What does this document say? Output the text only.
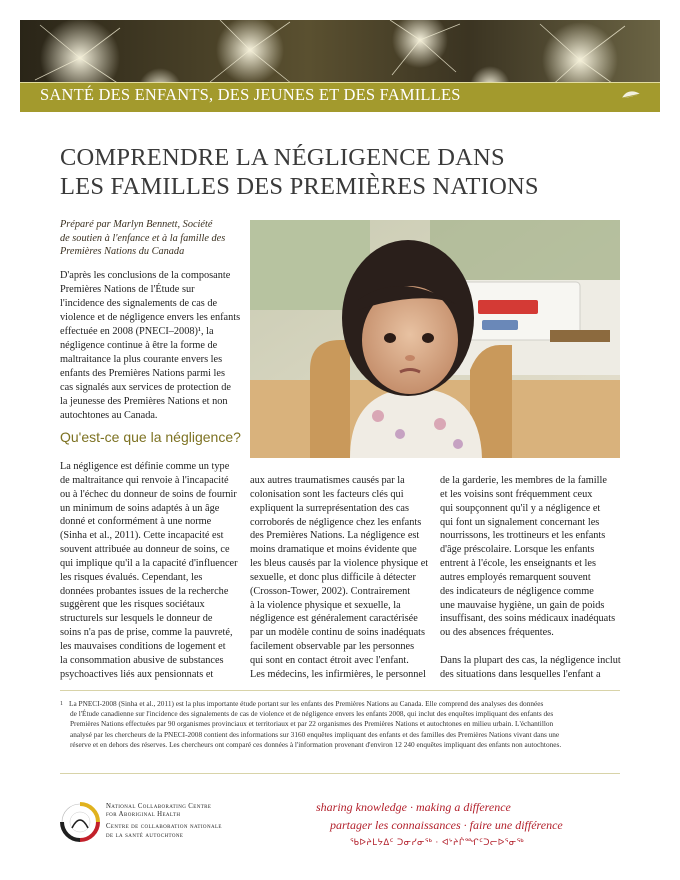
SANTÉ DES ENFANTS, DES JEUNES ET DES FAMILLES
COMPRENDRE LA NÉGLIGENCE DANS
LES FAMILLES DES PREMIÈRES NATIONS
Préparé par Marlyn Bennett, Société
de soutien à l'enfance et à la famille des
Premières Nations du Canada
D'après les conclusions de la composante
Premières Nations de l'Étude sur
l'incidence des signalements de cas de
violence et de négligence envers les enfants
effectuée en 2008 (PNECI–2008)¹, la
négligence continue à être la forme de
maltraitance la plus courante envers les
enfants des Premières Nations parmi les
cas signalés aux services de protection de
la jeunesse des Premières Nations et non
autochtones au Canada.
Qu'est-ce que la négligence?
La négligence est définie comme un type
de maltraitance qui renvoie à l'incapacité
ou à l'échec du donneur de soins de fournir
un minimum de soins adaptés à un âge
donné et conformément à une norme
(Sinha et al., 2011). Cette incapacité est
souvent attribuée au donneur de soins, ce
qui implique qu'il a la capacité d'influencer
les risques évalués. Cependant, les
données probantes issues de la recherche
suggèrent que les risques sociétaux
structurels sur lesquels le donneur de
soins n'a pas de prise, comme la pauvreté,
les mauvaises conditions de logement et
la consommation abusive de substances
psychoactives liés aux pensionnats et
aux autres traumatismes causés par la
colonisation sont les facteurs clés qui
expliquent la surreprésentation des cas
corroborés de négligence chez les enfants
des Premières Nations. La négligence est
moins dramatique et moins évidente que
les bleus causés par la violence physique et
sexuelle, et donc plus difficile à détecter
(Crosson-Tower, 2002). Contrairement
à la violence physique et sexuelle, la
négligence est généralement caractérisée
par un modèle continu de soins inadéquats
facilement observable par les personnes
qui sont en contact étroit avec l'enfant.
Les médecins, les infirmières, le personnel
de la garderie, les membres de la famille
et les voisins sont fréquemment ceux
qui soupçonnent qu'il y a négligence et
qui font un signalement concernant les
nourrissons, les trottineurs et les enfants
d'âge préscolaire. Lorsque les enfants
entrent à l'école, les enseignants et les
autres employés remarquent souvent
des indicateurs de négligence comme
une mauvaise hygiène, un gain de poids
insuffisant, des soins médicaux inadéquats
ou des absences fréquentes.
Dans la plupart des cas, la négligence inclut
des situations dans lesquelles l'enfant a
$^1$ La PNECI-2008 (Sinha et al., 2011) est la plus importante étude portant sur les enfants des Premières Nations au Canada. Elle comprend des analyses des données
de l'Étude canadienne sur l'incidence des signalements de cas de violence et de négligence envers les enfants 2008, qui inclut des enquêtes impliquant des enfants des
Premières Nations effectuées par 90 organismes provinciaux et territoriaux et par 22 organismes des Premières Nations et autochtones en milieu urbain. L'échantillon
analysé par les chercheurs de la PNECI-2008 contient des informations sur 3160 enquêtes impliquant des enfants et des familles des Premières Nations vivant dans une
réserve et en dehors des réserves. Les chercheurs ont comparé ces données à l'information provenant d'environ 12 240 enquêtes impliquant des enfants non autochtones.
National Collaborating Centre
for Aboriginal Health
Centre de collaboration nationale
de la santé autochtone
sharing knowledge · making a difference
partager les connaissances · faire une différence
ᖃᐅᔨᒪᔭᐃᑦ ᑐᓂᓯᓂᖅ · ᐊᔾᔨᒌᙱᑦᑐᓕᐅᕐᓂᖅ
